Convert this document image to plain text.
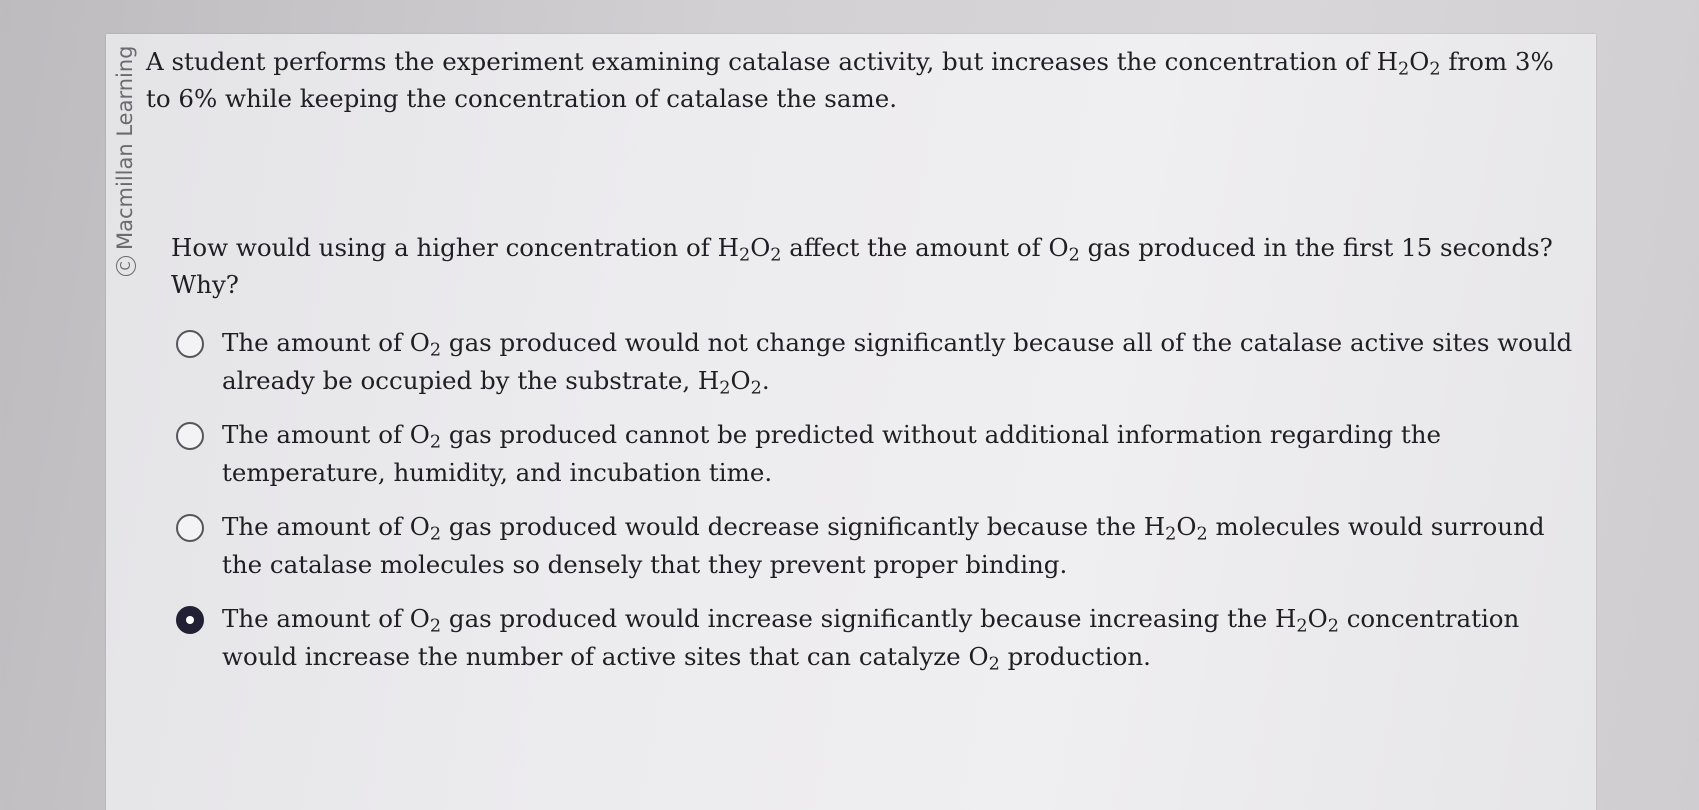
CMacmillan Learning A student performs the experiment examining catalase activity, but increases the concentration of $H_2O_2$ from 3% to 6% while keeping the concentration of catalase the same.
How would using a higher concentration of $H_2O_2$ affect the amount of $O_2$ gas produced in the first 15 seconds? Why?
The amount of $O_2$ gas produced would not change significantly because all of the catalase active sites would already be occupied by the substrate, $H_2O_2$.
The amount of $O_2$ gas produced cannot be predicted without additional information regarding the temperature, humidity, and incubation time.
The amount of $O_2$ gas produced would decrease significantly because the $H_2O_2$ molecules would surround the catalase molecules so densely that they prevent proper binding.
The amount of $O_2$ gas produced would increase significantly because increasing the $H_2O_2$ concentration would increase the number of active sites that can catalyze $O_2$ production.
